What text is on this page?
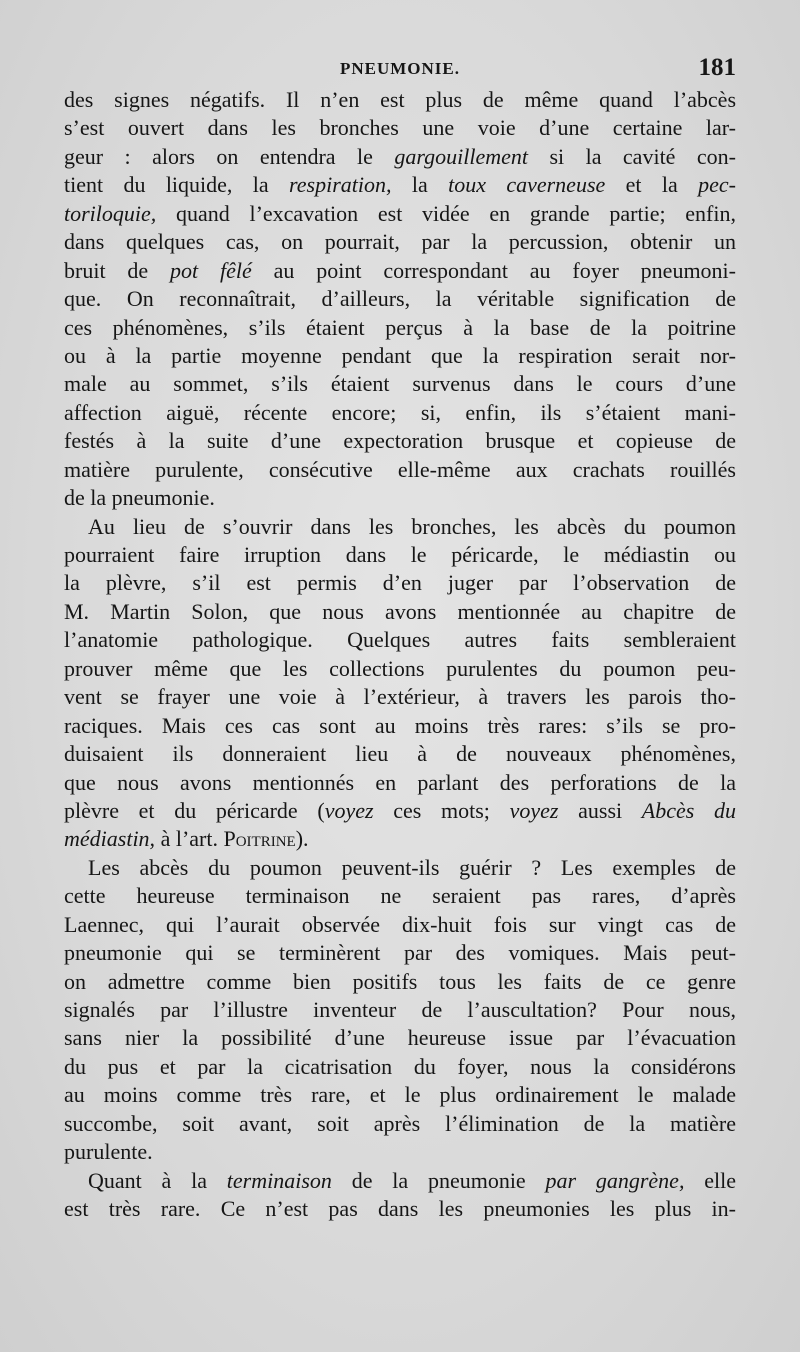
PNEUMONIE.	181
des signes négatifs. Il n’en est plus de même quand l’abcès
s’est ouvert dans les bronches une voie d’une certaine lar-
geur : alors on entendra le gargouillement si la cavité con-
tient du liquide, la respiration, la toux caverneuse et la pec-
toriloquie, quand l’excavation est vidée en grande partie; enfin,
dans quelques cas, on pourrait, par la percussion, obtenir un
bruit de pot fêlé au point correspondant au foyer pneumoni-
que. On reconnaîtrait, d’ailleurs, la véritable signification de
ces phénomènes, s’ils étaient perçus à la base de la poitrine
ou à la partie moyenne pendant que la respiration serait nor-
male au sommet, s’ils étaient survenus dans le cours d’une
affection aiguë, récente encore; si, enfin, ils s’étaient mani-
festés à la suite d’une expectoration brusque et copieuse de
matière purulente, consécutive elle-même aux crachats rouillés
de la pneumonie.
Au lieu de s’ouvrir dans les bronches, les abcès du poumon
pourraient faire irruption dans le péricarde, le médiastin ou
la plèvre, s’il est permis d’en juger par l’observation de
M. Martin Solon, que nous avons mentionnée au chapitre de
l’anatomie pathologique. Quelques autres faits sembleraient
prouver même que les collections purulentes du poumon peu-
vent se frayer une voie à l’extérieur, à travers les parois tho-
raciques. Mais ces cas sont au moins très rares: s’ils se pro-
duisaient ils donneraient lieu à de nouveaux phénomènes,
que nous avons mentionnés en parlant des perforations de la
plèvre et du péricarde (voyez ces mots; voyez aussi Abcès du
médiastin, à l’art. Poitrine).
Les abcès du poumon peuvent-ils guérir ? Les exemples de
cette heureuse terminaison ne seraient pas rares, d’après
Laennec, qui l’aurait observée dix-huit fois sur vingt cas de
pneumonie qui se terminèrent par des vomiques. Mais peut-
on admettre comme bien positifs tous les faits de ce genre
signalés par l’illustre inventeur de l’auscultation? Pour nous,
sans nier la possibilité d’une heureuse issue par l’évacuation
du pus et par la cicatrisation du foyer, nous la considérons
au moins comme très rare, et le plus ordinairement le malade
succombe, soit avant, soit après l’élimination de la matière
purulente.
Quant à la terminaison de la pneumonie par gangrène, elle
est très rare. Ce n’est pas dans les pneumonies les plus in-
